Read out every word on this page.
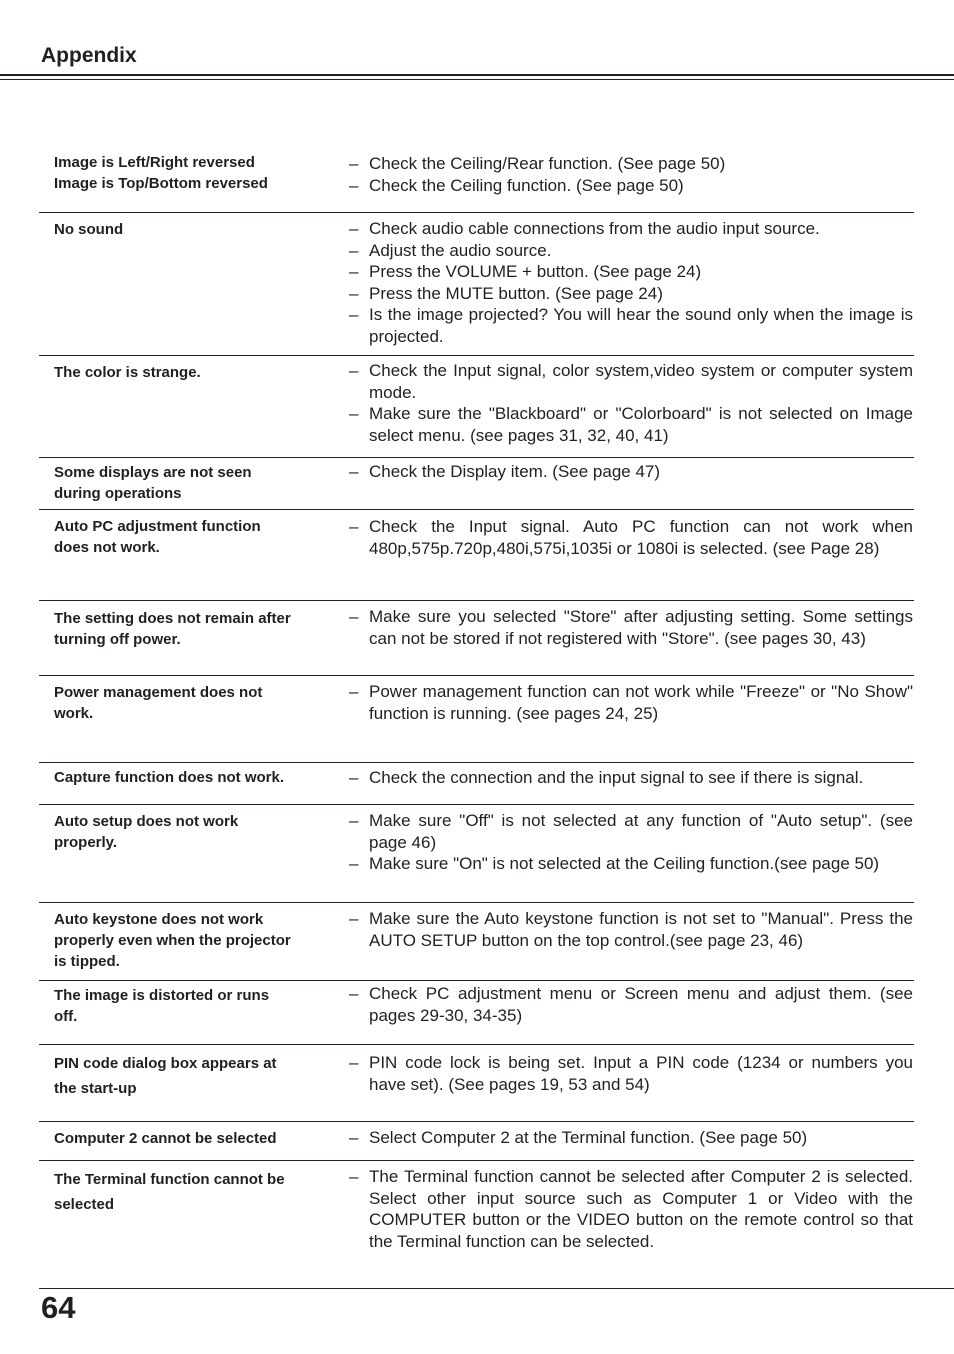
Appendix
Image is Left/Right reversed
Image is Top/Bottom reversed
– Check the Ceiling/Rear function. (See page 50)
– Check the Ceiling function. (See page 50)
No sound	– Check audio cable connections from the audio input source.
– Adjust the audio source.
– Press the VOLUME + button. (See page 24)
– Press the MUTE button. (See page 24)
– Is the image projected? You will hear the sound only when the image is projected.
The color is strange.	– Check the Input signal, color system,video system or computer system mode.
– Make sure the "Blackboard" or "Colorboard" is not selected on Image select menu. (see pages 31, 32, 40, 41)
Some displays are not seen
during operations
– Check the Display item. (See page 47)
Auto PC adjustment function
does not work.
– Check the Input signal. Auto PC function can not work when 480p,575p.720p,480i,575i,1035i or 1080i is selected. (see Page 28)
The setting does not remain after
turning off power.
– Make sure you selected "Store" after adjusting setting. Some settings can not be stored if not registered with "Store". (see pages 30, 43)
Power management does not
work.
– Power management function can not work while "Freeze" or "No Show" function is running. (see pages 24, 25)
Capture function does not work.	– Check the connection and the input signal to see if there is signal.
Auto setup does not work
properly.
– Make sure "Off" is not selected at any function of "Auto setup". (see page 46)
– Make sure "On" is not selected at the Ceiling function.(see page 50)
Auto keystone does not work
properly even when the projector
is tipped.
– Make sure the Auto keystone function is not set to "Manual". Press the AUTO SETUP button on the top control.(see page 23, 46)
The image is distorted or runs
off.
– Check PC adjustment menu or Screen menu and adjust them. (see pages 29-30, 34-35)
PIN code dialog box appears at
the start-up
– PIN code lock is being set. Input a PIN code (1234 or numbers you have set). (See pages 19, 53 and 54)
Computer 2 cannot be selected	– Select Computer 2 at the Terminal function. (See page 50)
The Terminal function cannot be
selected
– The Terminal function cannot be selected after Computer 2 is selected. Select other input source such as Computer 1 or Video with the COMPUTER button or the VIDEO button on the remote control so that the Terminal function can be selected.
64
